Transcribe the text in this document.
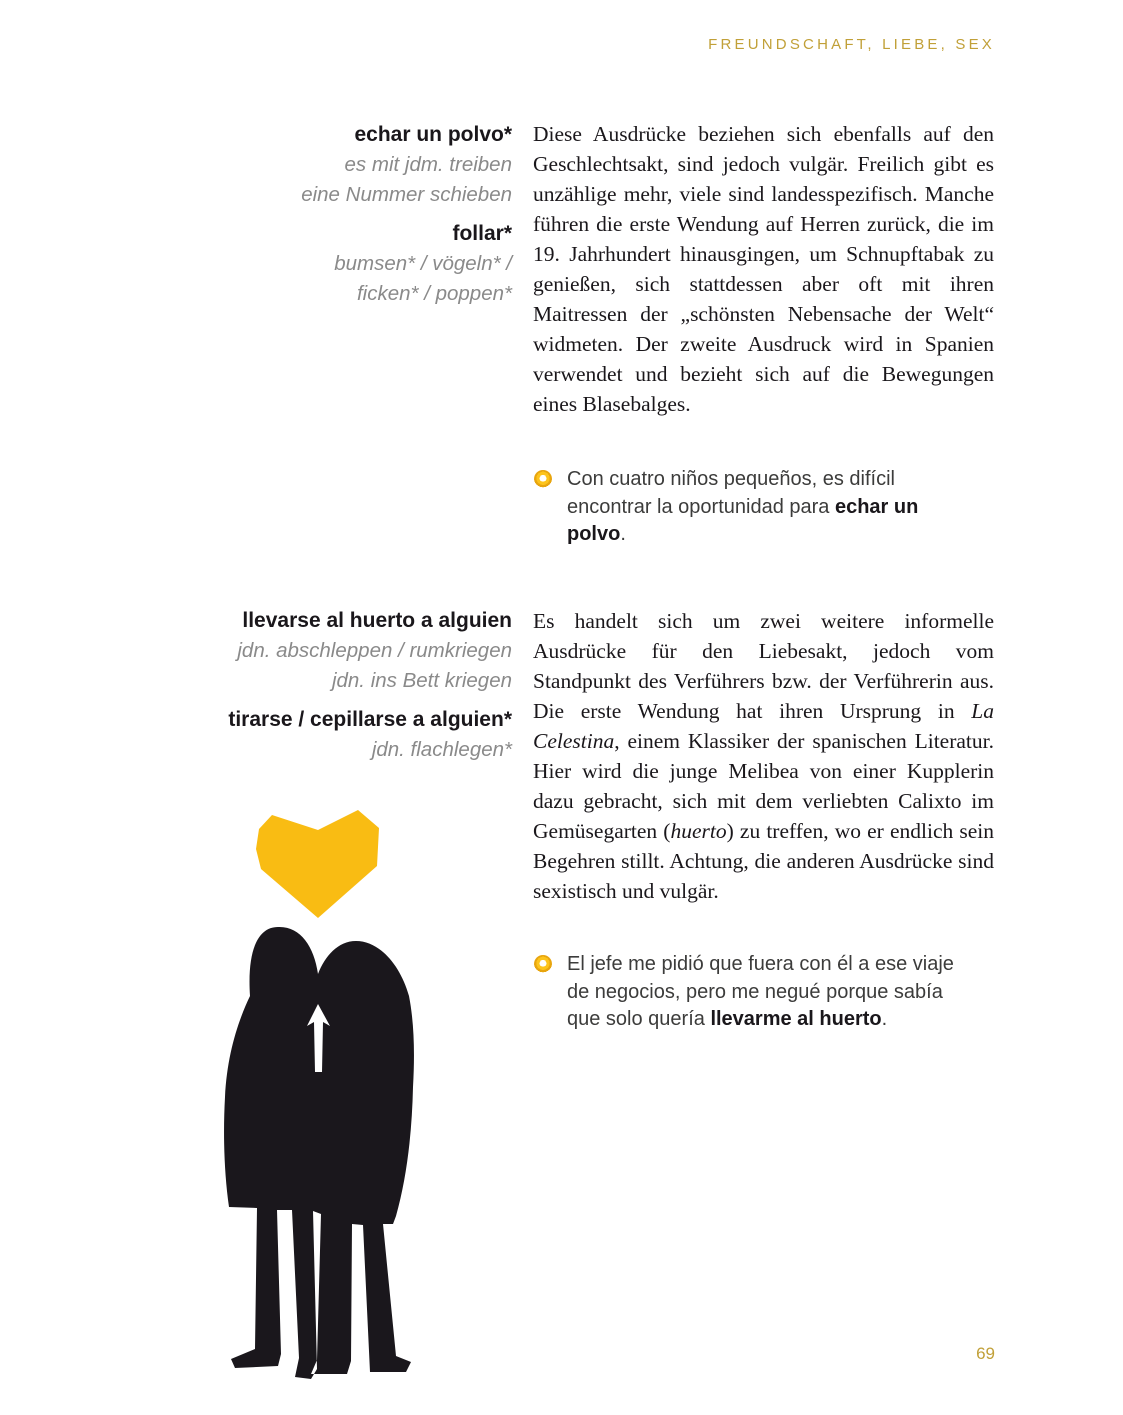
FREUNDSCHAFT, LIEBE, SEX
echar un polvo*
es mit jdm. treiben
eine Nummer schieben
follar*
bumsen* / vögeln* /
ficken* / poppen*

Diese Ausdrücke beziehen sich ebenfalls auf den Geschlechtsakt, sind jedoch vulgär. Freilich gibt es unzählige mehr, viele sind landesspezifisch. Manche führen die erste Wendung auf Herren zurück, die im 19. Jahrhundert hinausgingen, um Schnupftabak zu genießen, sich stattdessen aber oft mit ihren Maitressen der „schönsten Nebensache der Welt“ widmeten. Der zweite Ausdruck wird in Spanien verwendet und bezieht sich auf die Bewegungen eines Blasebalges.

Con cuatro niños pequeños, es difícil encontrar la oportunidad para echar un polvo.

llevarse al huerto a alguien
jdn. abschleppen / rumkriegen
jdn. ins Bett kriegen
tirarse / cepillarse a alguien*
jdn. flachlegen*

Es handelt sich um zwei weitere informelle Ausdrücke für den Liebesakt, jedoch vom Standpunkt des Verführers bzw. der Verführerin aus. Die erste Wendung hat ihren Ursprung in La Celestina, einem Klassiker der spanischen Literatur. Hier wird die junge Melibea von einer Kupplerin dazu gebracht, sich mit dem verliebten Calixto im Gemüsegarten (huerto) zu treffen, wo er endlich sein Begehren stillt. Achtung, die anderen Ausdrücke sind sexistisch und vulgär.

El jefe me pidió que fuera con él a ese viaje de negocios, pero me negué porque sabía que solo quería llevarme al huerto.

69
